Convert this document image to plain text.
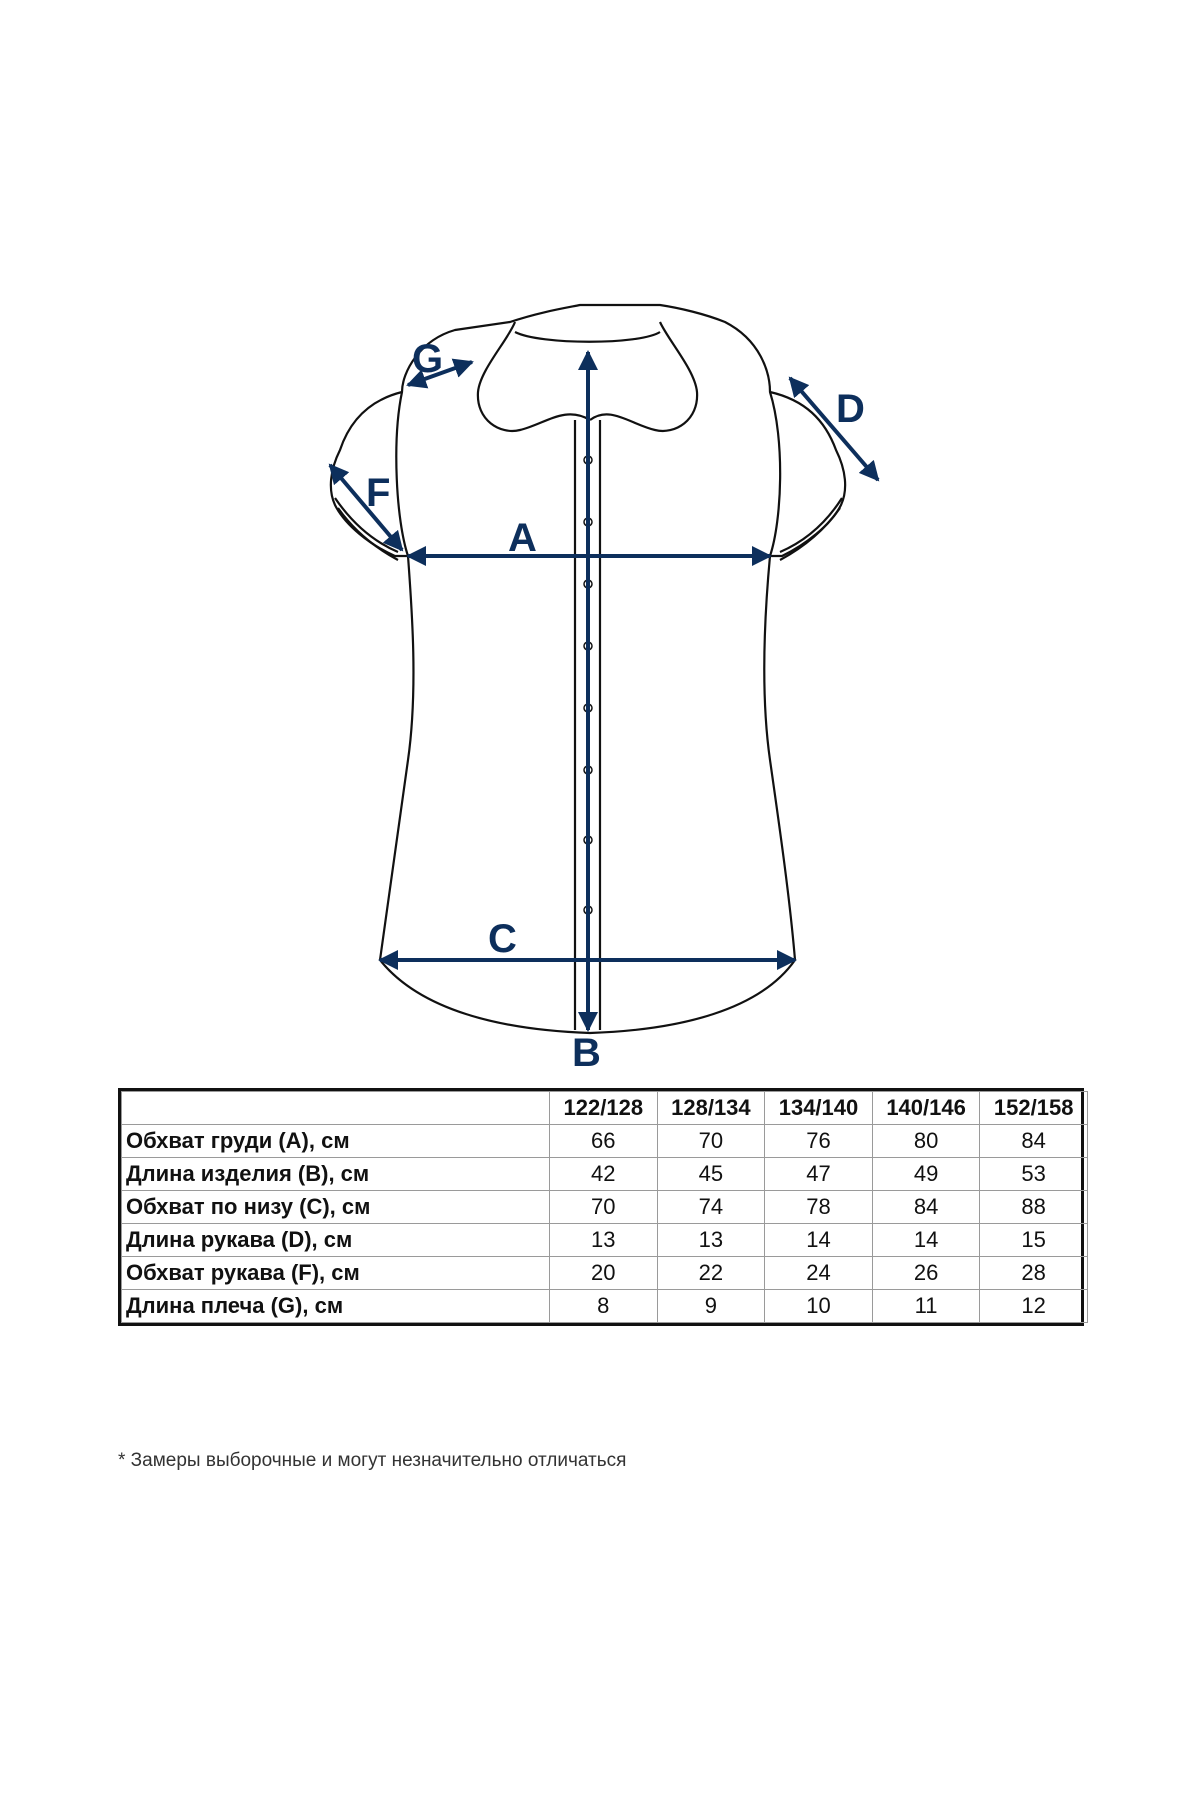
A
B
C
D
F
G
	122/128	128/134	134/140	140/146	152/158
Обхват груди (A), см	66	70	76	80	84
Длина изделия (B), см	42	45	47	49	53
Обхват по низу (C), см	70	74	78	84	88
Длина рукава (D), см	13	13	14	14	15
Обхват рукава (F), см	20	22	24	26	28
Длина плеча (G), см	8	9	10	11	12
* Замеры выборочные и могут незначительно отличаться
